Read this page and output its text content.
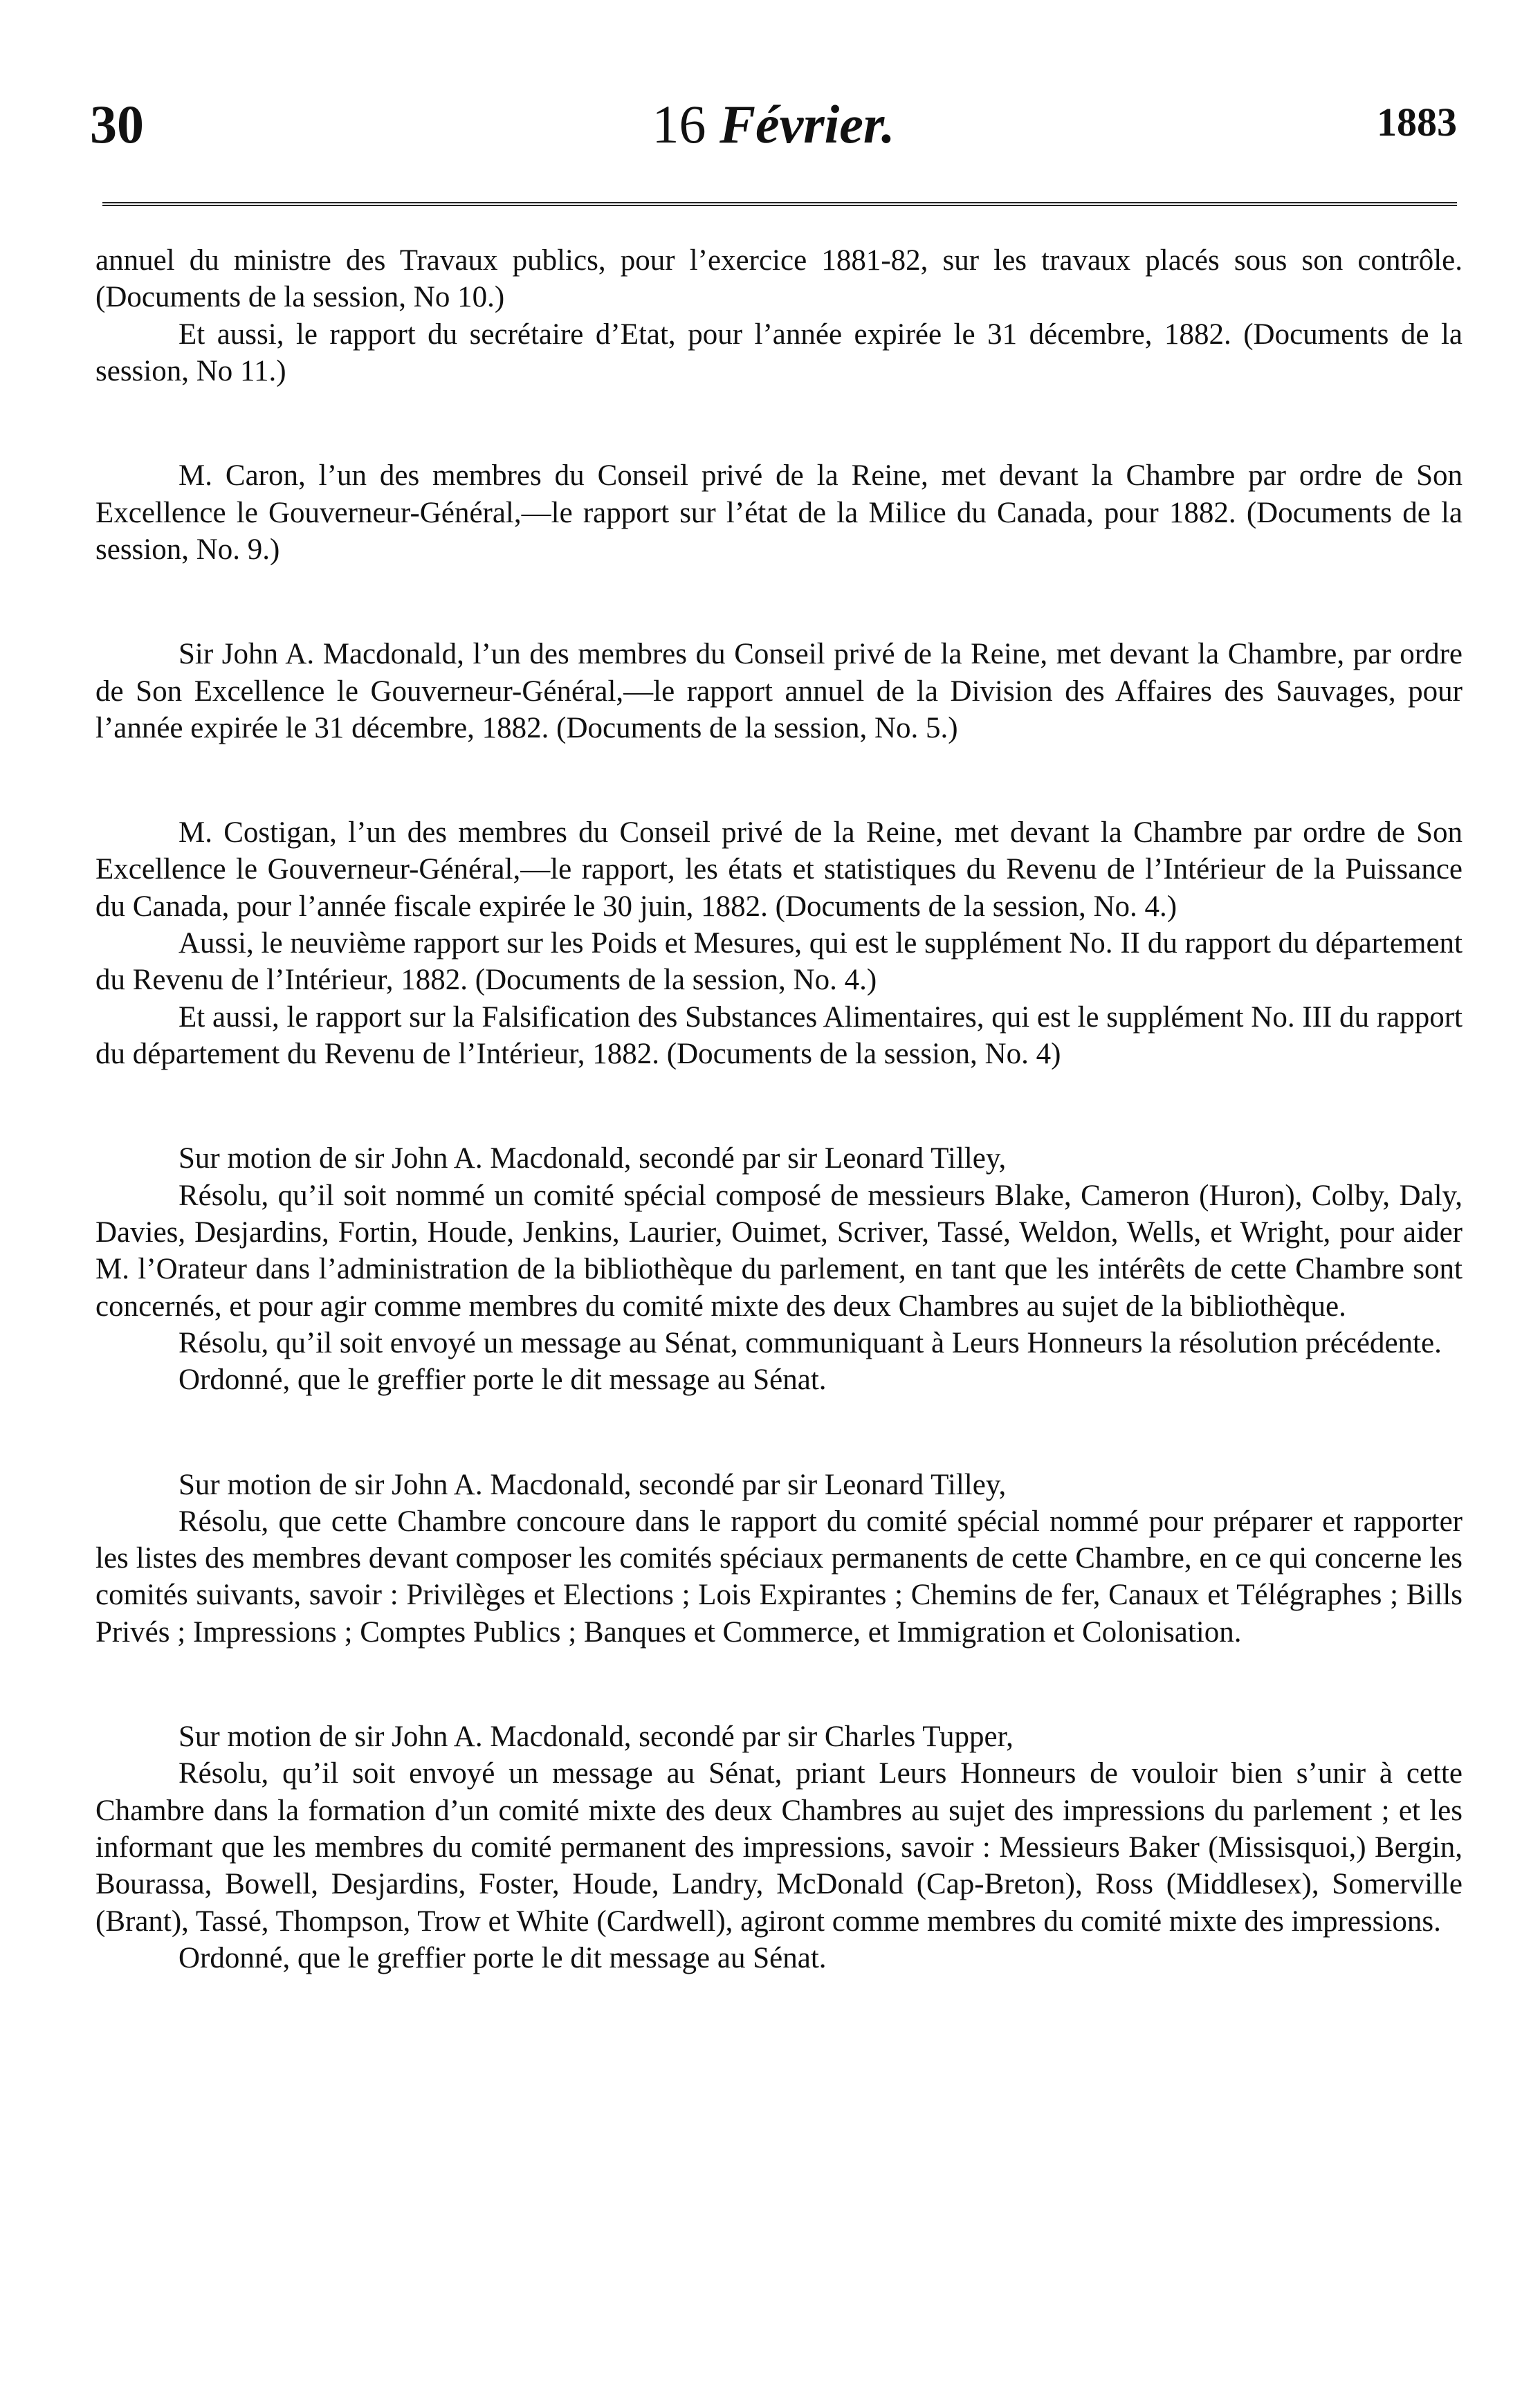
30	16 Février.	1883

annuel du ministre des Travaux publics, pour l’exercice 1881-82, sur les travaux placés sous son contrôle. (Documents de la session, No 10.)

Et aussi, le rapport du secrétaire d’Etat, pour l’année expirée le 31 décembre, 1882. (Documents de la session, No 11.)

M. Caron, l’un des membres du Conseil privé de la Reine, met devant la Chambre par ordre de Son Excellence le Gouverneur-Général,—le rapport sur l’état de la Milice du Canada, pour 1882. (Documents de la session, No. 9.)

Sir John A. Macdonald, l’un des membres du Conseil privé de la Reine, met devant la Chambre, par ordre de Son Excellence le Gouverneur-Général,—le rapport annuel de la Division des Affaires des Sauvages, pour l’année expirée le 31 décembre, 1882. (Documents de la session, No. 5.)

M. Costigan, l’un des membres du Conseil privé de la Reine, met devant la Chambre par ordre de Son Excellence le Gouverneur-Général,—le rapport, les états et statistiques du Revenu de l’Intérieur de la Puissance du Canada, pour l’année fiscale expirée le 30 juin, 1882. (Documents de la session, No. 4.)

Aussi, le neuvième rapport sur les Poids et Mesures, qui est le supplément No. II du rapport du département du Revenu de l’Intérieur, 1882. (Documents de la session, No. 4.)

Et aussi, le rapport sur la Falsification des Substances Alimentaires, qui est le supplément No. III du rapport du département du Revenu de l’Intérieur, 1882. (Documents de la session, No. 4)

Sur motion de sir John A. Macdonald, secondé par sir Leonard Tilley,

Résolu, qu’il soit nommé un comité spécial composé de messieurs Blake, Cameron (Huron), Colby, Daly, Davies, Desjardins, Fortin, Houde, Jenkins, Laurier, Ouimet, Scriver, Tassé, Weldon, Wells, et Wright, pour aider M. l’Orateur dans l’administration de la bibliothèque du parlement, en tant que les intérêts de cette Chambre sont concernés, et pour agir comme membres du comité mixte des deux Chambres au sujet de la bibliothèque.

Résolu, qu’il soit envoyé un message au Sénat, communiquant à Leurs Honneurs la résolution précédente.

Ordonné, que le greffier porte le dit message au Sénat.

Sur motion de sir John A. Macdonald, secondé par sir Leonard Tilley,

Résolu, que cette Chambre concoure dans le rapport du comité spécial nommé pour préparer et rapporter les listes des membres devant composer les comités spéciaux permanents de cette Chambre, en ce qui concerne les comités suivants, savoir : Privilèges et Elections ; Lois Expirantes ; Chemins de fer, Canaux et Télégraphes ; Bills Privés ; Impressions ; Comptes Publics ; Banques et Commerce, et Immigration et Colonisation.

Sur motion de sir John A. Macdonald, secondé par sir Charles Tupper,

Résolu, qu’il soit envoyé un message au Sénat, priant Leurs Honneurs de vouloir bien s’unir à cette Chambre dans la formation d’un comité mixte des deux Chambres au sujet des impressions du parlement ; et les informant que les membres du comité permanent des impressions, savoir : Messieurs Baker (Missisquoi,) Bergin, Bourassa, Bowell, Desjardins, Foster, Houde, Landry, McDonald (Cap-Breton), Ross (Middlesex), Somerville (Brant), Tassé, Thompson, Trow et White (Cardwell), agiront comme membres du comité mixte des impressions.

Ordonné, que le greffier porte le dit message au Sénat.
